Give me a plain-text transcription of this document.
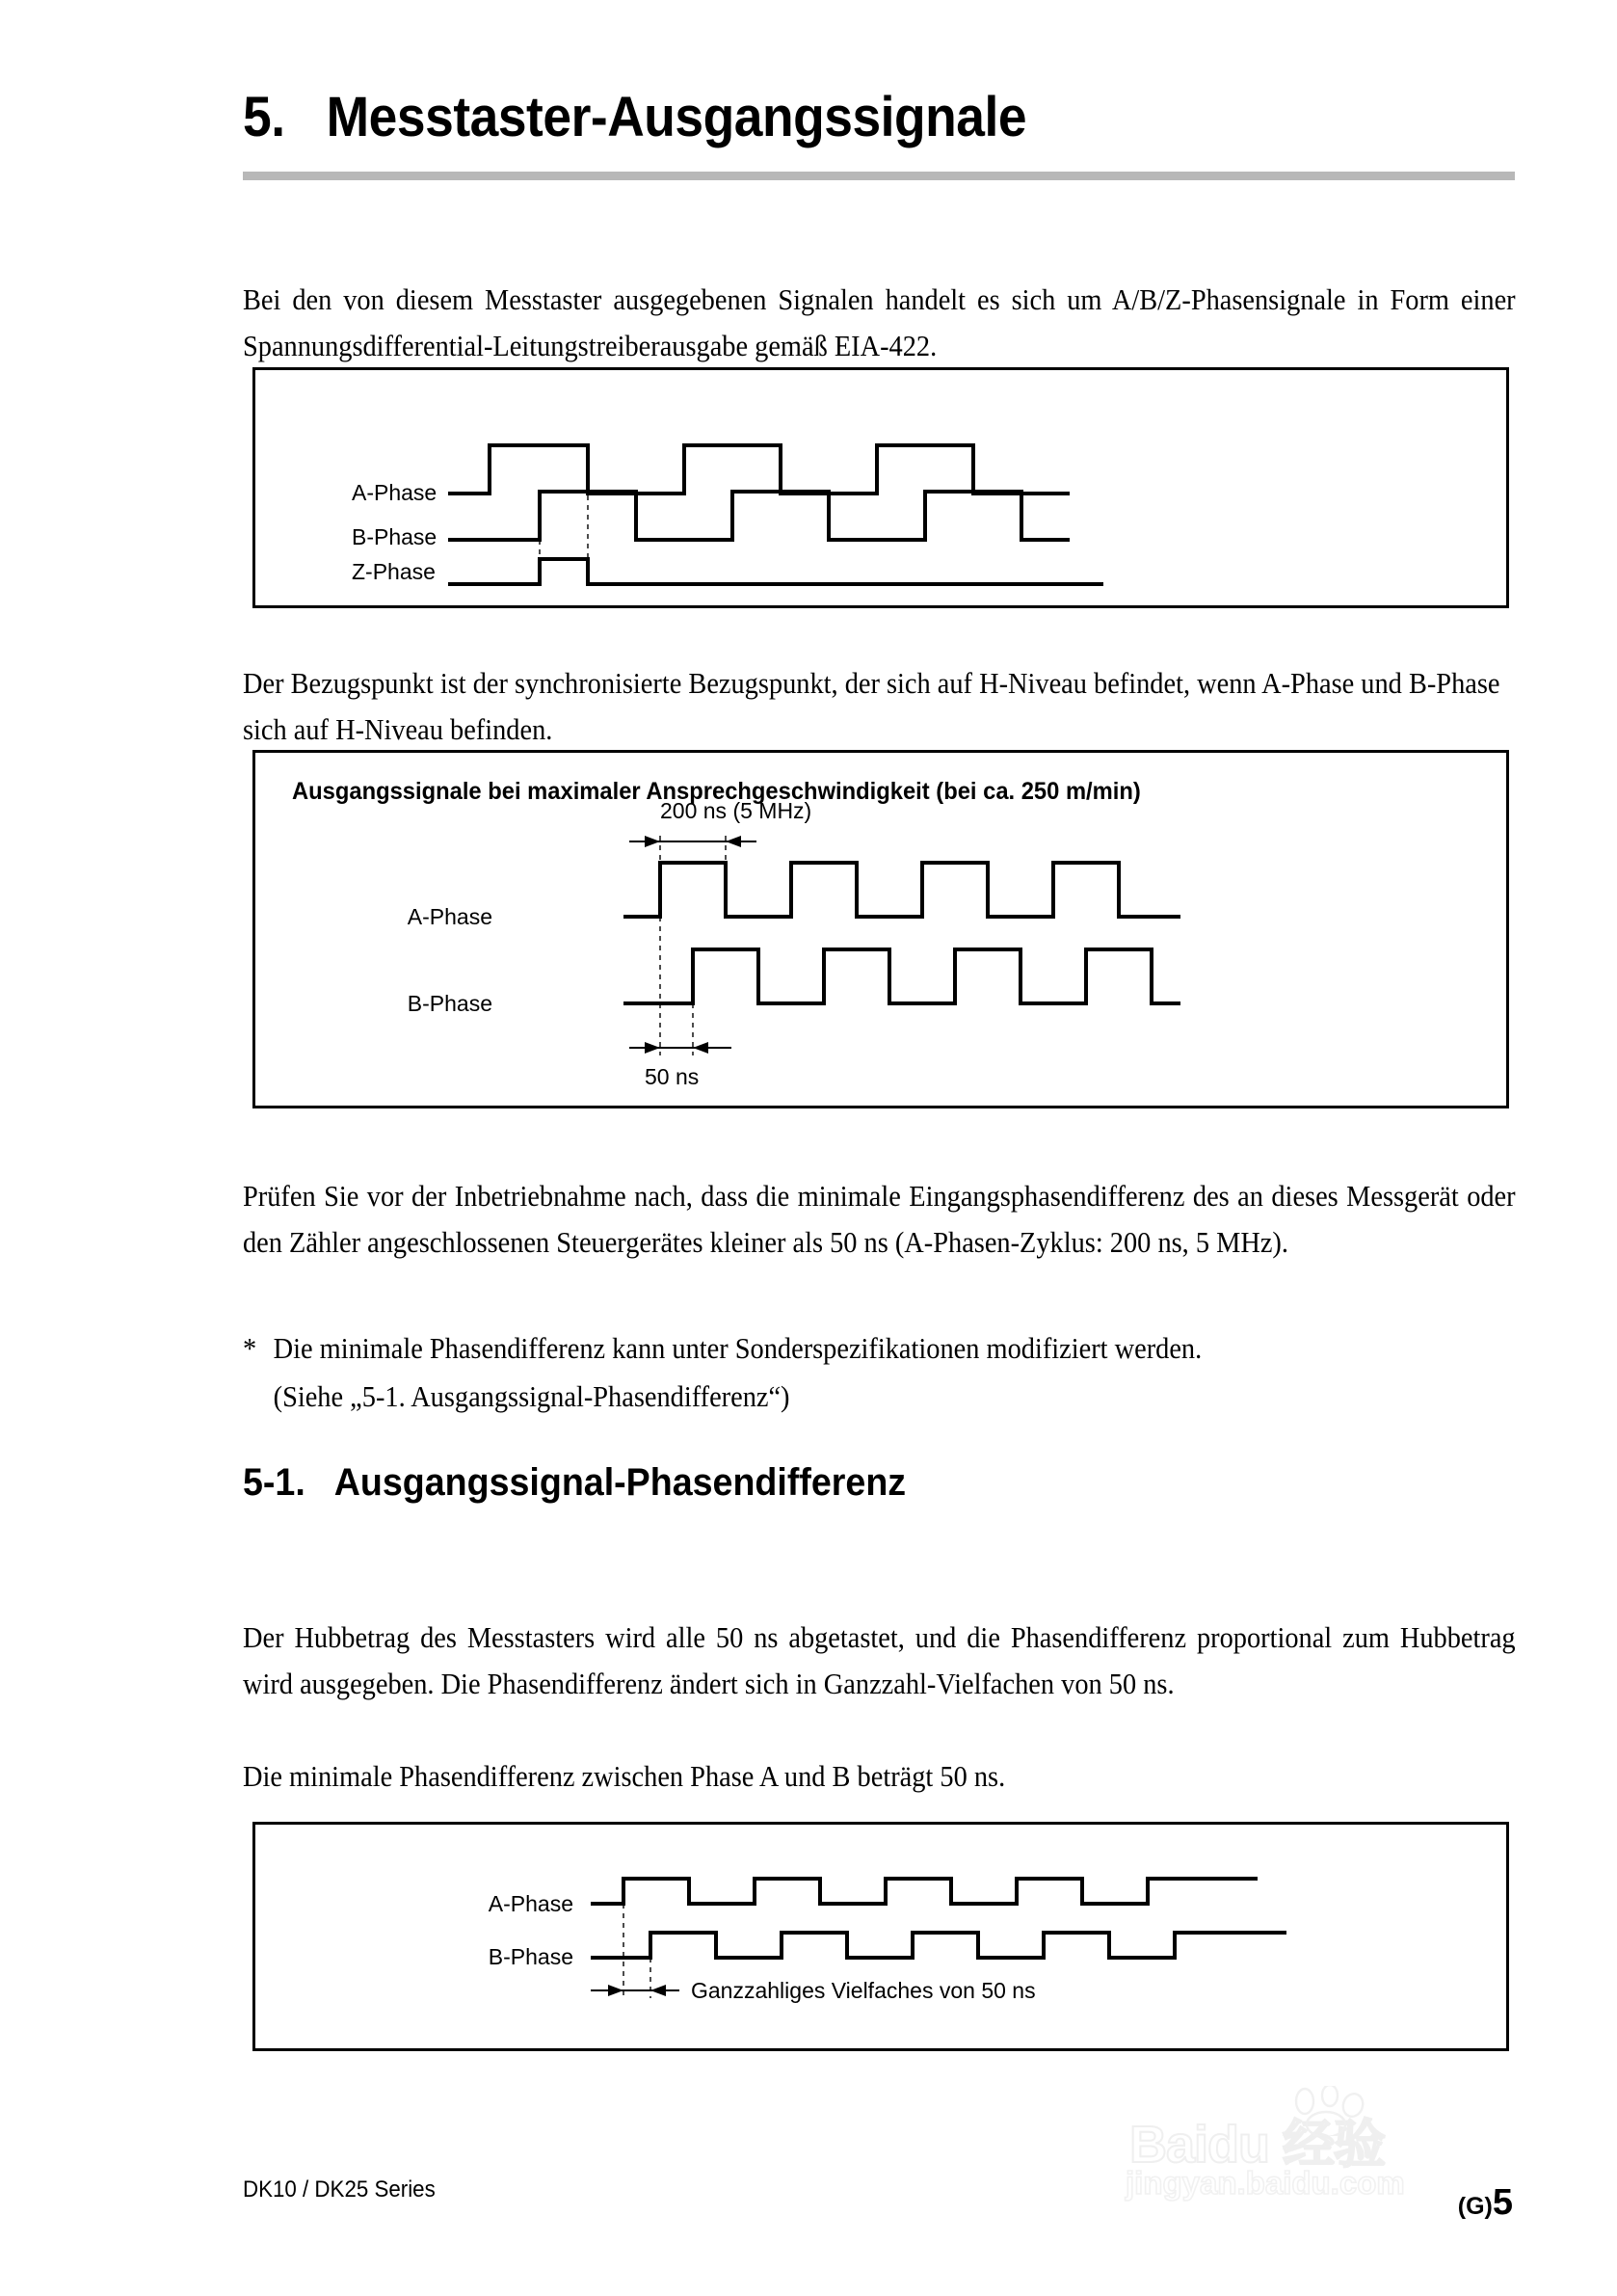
5.   Messtaster-Ausgangssignale

Bei den von diesem Messtaster ausgegebenen Signalen handelt es sich um A/B/Z-Phasensignale in Form einer Spannungsdifferential-Leitungstreiberausgabe gemäß EIA-422.

A-Phase
B-Phase
Z-Phase

Der Bezugspunkt ist der synchronisierte Bezugspunkt, der sich auf H-Niveau befindet, wenn A-Phase und B-Phase sich auf H-Niveau befinden.

Ausgangssignale bei maximaler Ansprechgeschwindigkeit (bei ca. 250 m/min)
200 ns (5 MHz)
A-Phase
B-Phase
50 ns

Prüfen Sie vor der Inbetriebnahme nach, dass die minimale Eingangsphasendifferenz des an dieses Messgerät oder den Zähler angeschlossenen Steuergerätes kleiner als 50 ns (A-Phasen-Zyklus: 200 ns, 5 MHz).

* Die minimale Phasendifferenz kann unter Sonderspezifikationen modifiziert werden.
(Siehe „5-1. Ausgangssignal-Phasendifferenz“)
5-1.   Ausgangssignal-Phasendifferenz

Der Hubbetrag des Messtasters wird alle 50 ns abgetastet, und die Phasendifferenz proportional zum Hubbetrag wird ausgegeben. Die Phasendifferenz ändert sich in Ganzzahl-Vielfachen von 50 ns.

Die minimale Phasendifferenz zwischen Phase A und B beträgt 50 ns.

A-Phase
B-Phase
Ganzzahliges Vielfaches von 50 ns
Baidu 经验
jingyan.baidu.com
DK10 / DK25 Series

(G)5
